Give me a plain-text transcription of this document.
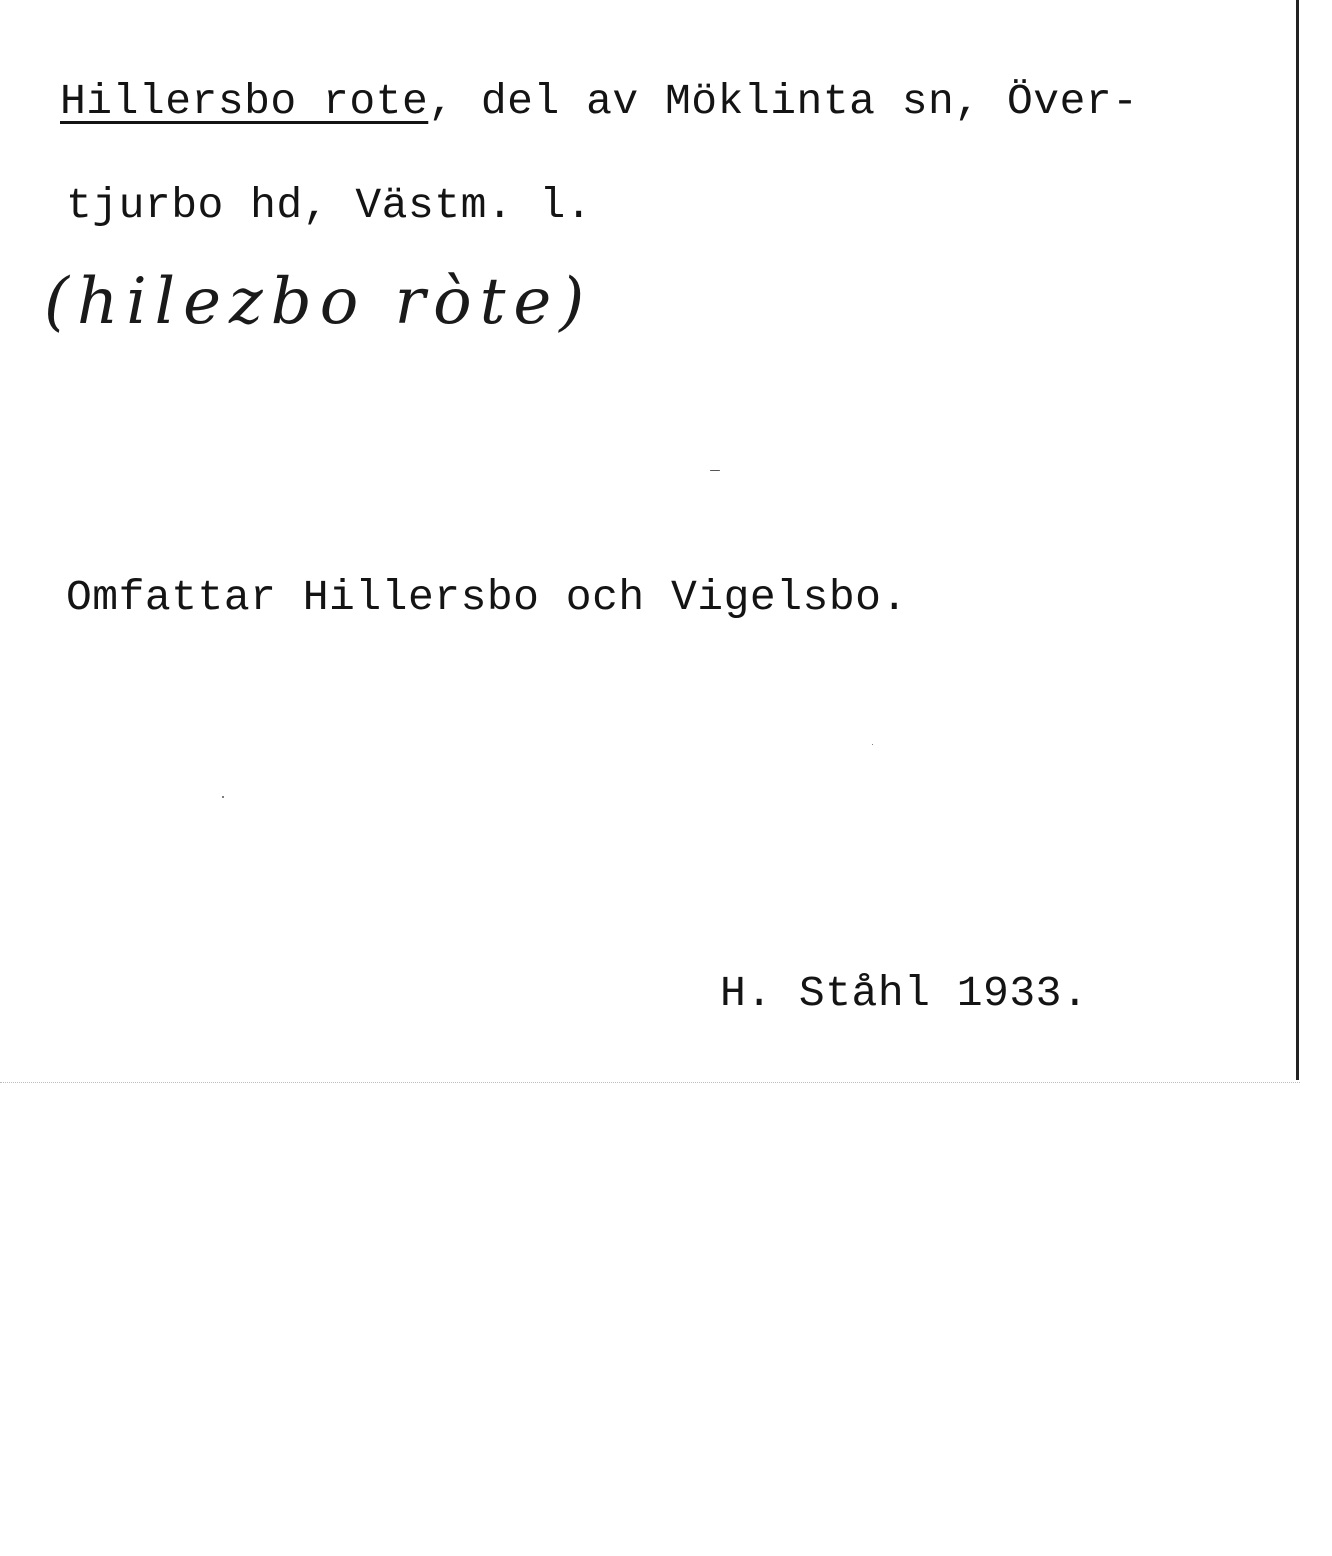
Hillersbo rote, del av Möklinta sn, Över-
tjurbo hd, Västm. l.
(hilezbo ròte)
Omfattar Hillersbo och Vigelsbo.
H. Ståhl 1933.
